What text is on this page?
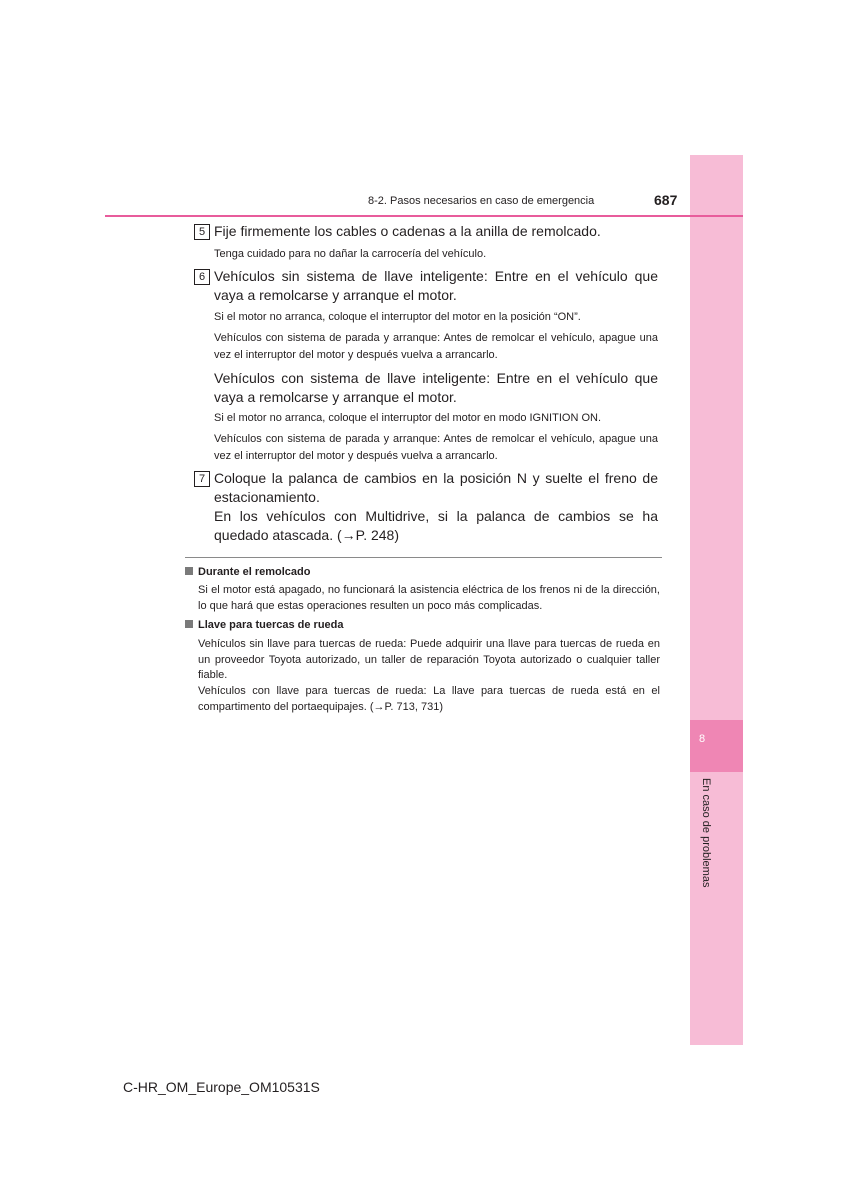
8
En caso de problemas
8-2. Pasos necesarios en caso de emergencia	687
5 Fije firmemente los cables o cadenas a la anilla de remolcado.
Tenga cuidado para no dañar la carrocería del vehículo.
6 Vehículos sin sistema de llave inteligente: Entre en el vehículo que vaya a remolcarse y arranque el motor.
Si el motor no arranca, coloque el interruptor del motor en la posición “ON”.
Vehículos con sistema de parada y arranque: Antes de remolcar el vehículo, apague una vez el interruptor del motor y después vuelva a arrancarlo.
Vehículos con sistema de llave inteligente: Entre en el vehículo que vaya a remolcarse y arranque el motor.
Si el motor no arranca, coloque el interruptor del motor en modo IGNITION ON.
Vehículos con sistema de parada y arranque: Antes de remolcar el vehículo, apague una vez el interruptor del motor y después vuelva a arrancarlo.
7 Coloque la palanca de cambios en la posición N y suelte el freno de estacionamiento.
En los vehículos con Multidrive, si la palanca de cambios se ha quedado atascada. (→P. 248)
Durante el remolcado
Si el motor está apagado, no funcionará la asistencia eléctrica de los frenos ni de la dirección, lo que hará que estas operaciones resulten un poco más complicadas.
Llave para tuercas de rueda
Vehículos sin llave para tuercas de rueda: Puede adquirir una llave para tuercas de rueda en un proveedor Toyota autorizado, un taller de reparación Toyota autorizado o cualquier taller fiable.
Vehículos con llave para tuercas de rueda: La llave para tuercas de rueda está en el compartimento del portaequipajes. (→P. 713, 731)
C-HR_OM_Europe_OM10531S
